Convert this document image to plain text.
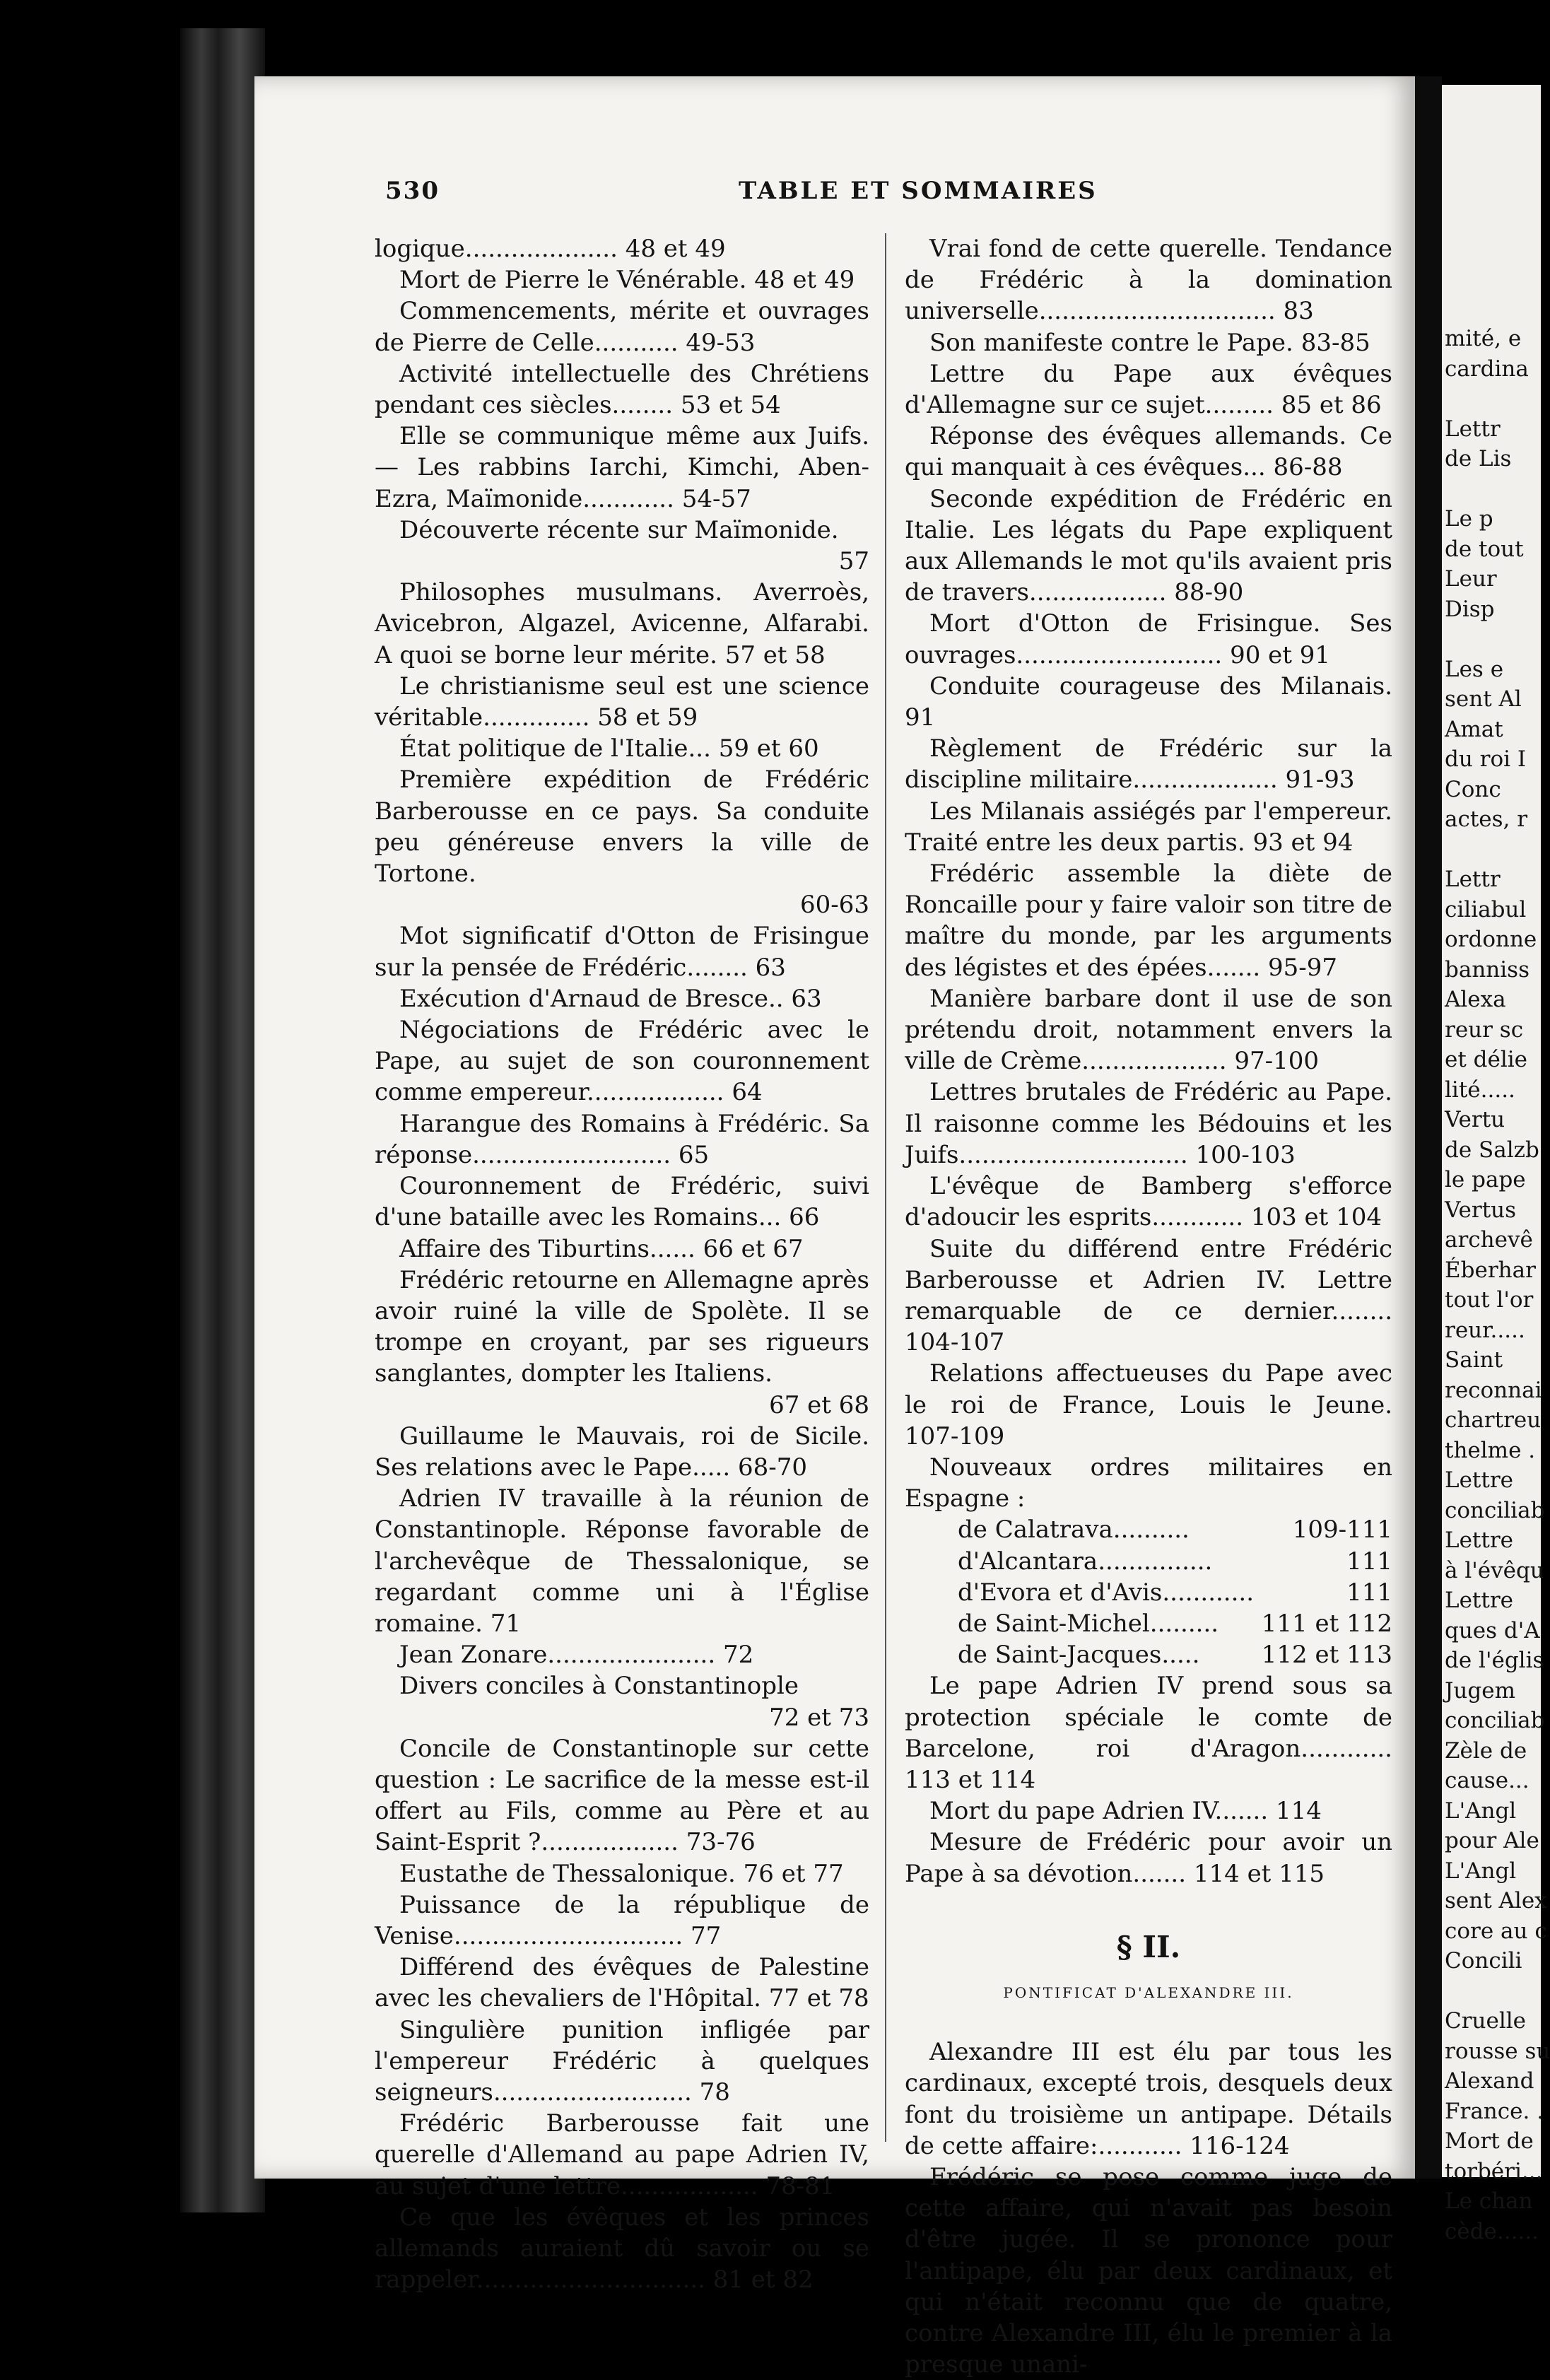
mité, e
cardina
Lettr
de Lis
Le p
de tout
Leur
Disp
Les e
sent Al
Amat
du roi I
Conc
actes, r
Lettr
ciliabul
ordonne
banniss
Alexa
reur sc
et délie
lité.....
Vertu
de Salzb
le pape
Vertus
archevê
Éberhar
tout l'or
reur.....
Saint
reconnai
chartreu
thelme .
Lettre
conciliab
Lettre
à l'évêqu
Lettre
ques d'A
de l'églis
Jugem
conciliab
Zèle de
cause...
L'Angl
pour Ale
L'Angl
sent Alex
core au c
Concili
Cruelle
rousse su
Alexand
France. .
Mort de
torbéri...
Le chan
cède......
530	TABLE ET SOMMAIRES
logique.................... 48 et 49
Mort de Pierre le Vénérable. 48 et 49
Commencements, mérite et ouvrages de Pierre de Celle........... 49-53
Activité intellectuelle des Chrétiens pendant ces siècles........ 53 et 54
Elle se communique même aux Juifs. — Les rabbins Iarchi, Kimchi, Aben-Ezra, Maïmonide............ 54-57
Découverte récente sur Maïmonide.
57
Philosophes musulmans. Averroès, Avicebron, Algazel, Avicenne, Alfarabi. A quoi se borne leur mérite. 57 et 58
Le christianisme seul est une science véritable.............. 58 et 59
État politique de l'Italie... 59 et 60
Première expédition de Frédéric Barberousse en ce pays. Sa conduite peu généreuse envers la ville de Tortone.
60-63
Mot significatif d'Otton de Frisingue sur la pensée de Frédéric........ 63
Exécution d'Arnaud de Bresce.. 63
Négociations de Frédéric avec le Pape, au sujet de son couronnement comme empereur.................. 64
Harangue des Romains à Frédéric. Sa réponse.......................... 65
Couronnement de Frédéric, suivi d'une bataille avec les Romains... 66
Affaire des Tiburtins...... 66 et 67
Frédéric retourne en Allemagne après avoir ruiné la ville de Spolète. Il se trompe en croyant, par ses rigueurs sanglantes, dompter les Italiens.
67 et 68
Guillaume le Mauvais, roi de Sicile. Ses relations avec le Pape..... 68-70
Adrien IV travaille à la réunion de Constantinople. Réponse favorable de l'archevêque de Thessalonique, se regardant comme uni à l'Église romaine. 71
Jean Zonare...................... 72
Divers conciles à Constantinople
72 et 73
Concile de Constantinople sur cette question : Le sacrifice de la messe est-il offert au Fils, comme au Père et au Saint-Esprit ?.................. 73-76
Eustathe de Thessalonique. 76 et 77
Puissance de la république de Venise.............................. 77
Différend des évêques de Palestine avec les chevaliers de l'Hôpital. 77 et 78
Singulière punition infligée par l'empereur Frédéric à quelques seigneurs.......................... 78
Frédéric Barberousse fait une querelle d'Allemand au pape Adrien IV, au sujet d'une lettre.................. 78-81
Ce que les évêques et les princes allemands auraient dû savoir ou se rappeler.............................. 81 et 82
Vrai fond de cette querelle. Tendance de Frédéric à la domination universelle............................... 83
Son manifeste contre le Pape. 83-85
Lettre du Pape aux évêques d'Allemagne sur ce sujet......... 85 et 86
Réponse des évêques allemands. Ce qui manquait à ces évêques... 86-88
Seconde expédition de Frédéric en Italie. Les légats du Pape expliquent aux Allemands le mot qu'ils avaient pris de travers.................. 88-90
Mort d'Otton de Frisingue. Ses ouvrages........................... 90 et 91
Conduite courageuse des Milanais. 91
Règlement de Frédéric sur la discipline militaire................... 91-93
Les Milanais assiégés par l'empereur. Traité entre les deux partis. 93 et 94
Frédéric assemble la diète de Roncaille pour y faire valoir son titre de maître du monde, par les arguments des légistes et des épées....... 95-97
Manière barbare dont il use de son prétendu droit, notamment envers la ville de Crème................... 97-100
Lettres brutales de Frédéric au Pape. Il raisonne comme les Bédouins et les Juifs.............................. 100-103
L'évêque de Bamberg s'efforce d'adoucir les esprits............ 103 et 104
Suite du différend entre Frédéric Barberousse et Adrien IV. Lettre remarquable de ce dernier........ 104-107
Relations affectueuses du Pape avec le roi de France, Louis le Jeune. 107-109
Nouveaux ordres militaires en Espagne :
de Calatrava..........	109-111
d'Alcantara...............	111
d'Evora et d'Avis............	111
de Saint-Michel......... 111 et 112
de Saint-Jacques.....	112 et 113
Le pape Adrien IV prend sous sa protection spéciale le comte de Barcelone, roi d'Aragon............ 113 et 114
Mort du pape Adrien IV....... 114
Mesure de Frédéric pour avoir un Pape à sa dévotion....... 114 et 115
§ II.
PONTIFICAT D'ALEXANDRE III.
Alexandre III est élu par tous les cardinaux, excepté trois, desquels deux font du troisième un antipape. Détails de cette affaire:........... 116-124
Frédéric se pose comme juge de cette affaire, qui n'avait pas besoin d'être jugée. Il se prononce pour l'antipape, élu par deux cardinaux, et qui n'était reconnu que de quatre, contre Alexandre III, élu le premier à la presque unani-
